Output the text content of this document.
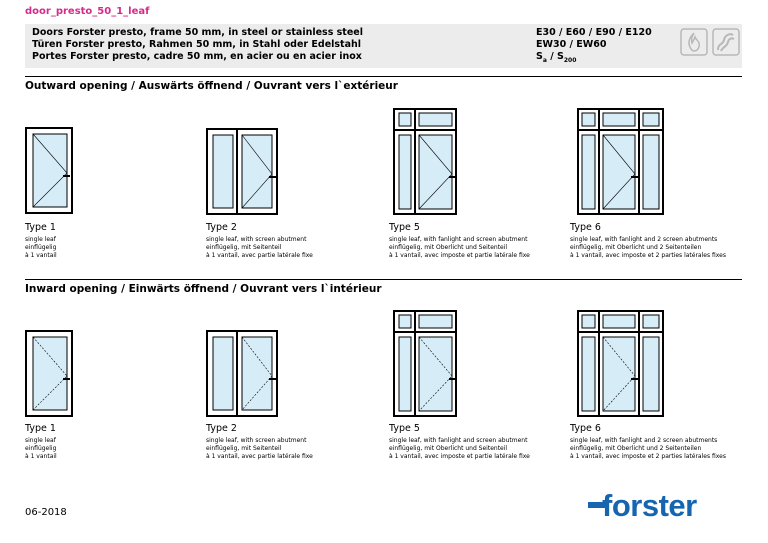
door_presto_50_1_leaf
Doors Forster presto, frame 50 mm, in steel or stainless steel
Türen Forster presto, Rahmen 50 mm, in Stahl oder Edelstahl
Portes Forster presto, cadre 50 mm, en acier ou en acier inox
E30 / E60 / E90 / E120
EW30 / EW60
$S_a / S_{200}$
Outward opening / Auswärts öffnend / Ouvrant vers l`extérieur
Inward opening / Einwärts öffnend / Ouvrant vers l`intérieur
Type 1
single leaf
einflügelig
à 1 vantail
Type 2
single leaf, with screen abutment
einflügelig, mit Seitenteil
à 1 vantail, avec partie latérale fixe
Type 5
single leaf, with fanlight and screen abutment
einflügelig, mit Oberlicht und Seitenteil
à 1 vantail, avec imposte et partie latérale fixe
Type 6
single leaf, with fanlight and 2 screen abutments
einflügelig, mit Oberlicht und 2 Seitenteilen
à 1 vantail, avec imposte et 2 parties latérales fixes
Type 1
single leaf
einflügelig
à 1 vantail
Type 2
single leaf, with screen abutment
einflügelig, mit Seitenteil
à 1 vantail, avec partie latérale fixe
Type 5
single leaf, with fanlight and screen abutment
einflügelig, mit Oberlicht und Seitenteil
à 1 vantail, avec imposte et partie latérale fixe
Type 6
single leaf, with fanlight and 2 screen abutments
einflügelig, mit Oberlicht und 2 Seitenteilen
à 1 vantail, avec imposte et 2 parties latérales fixes
06-2018	forster
